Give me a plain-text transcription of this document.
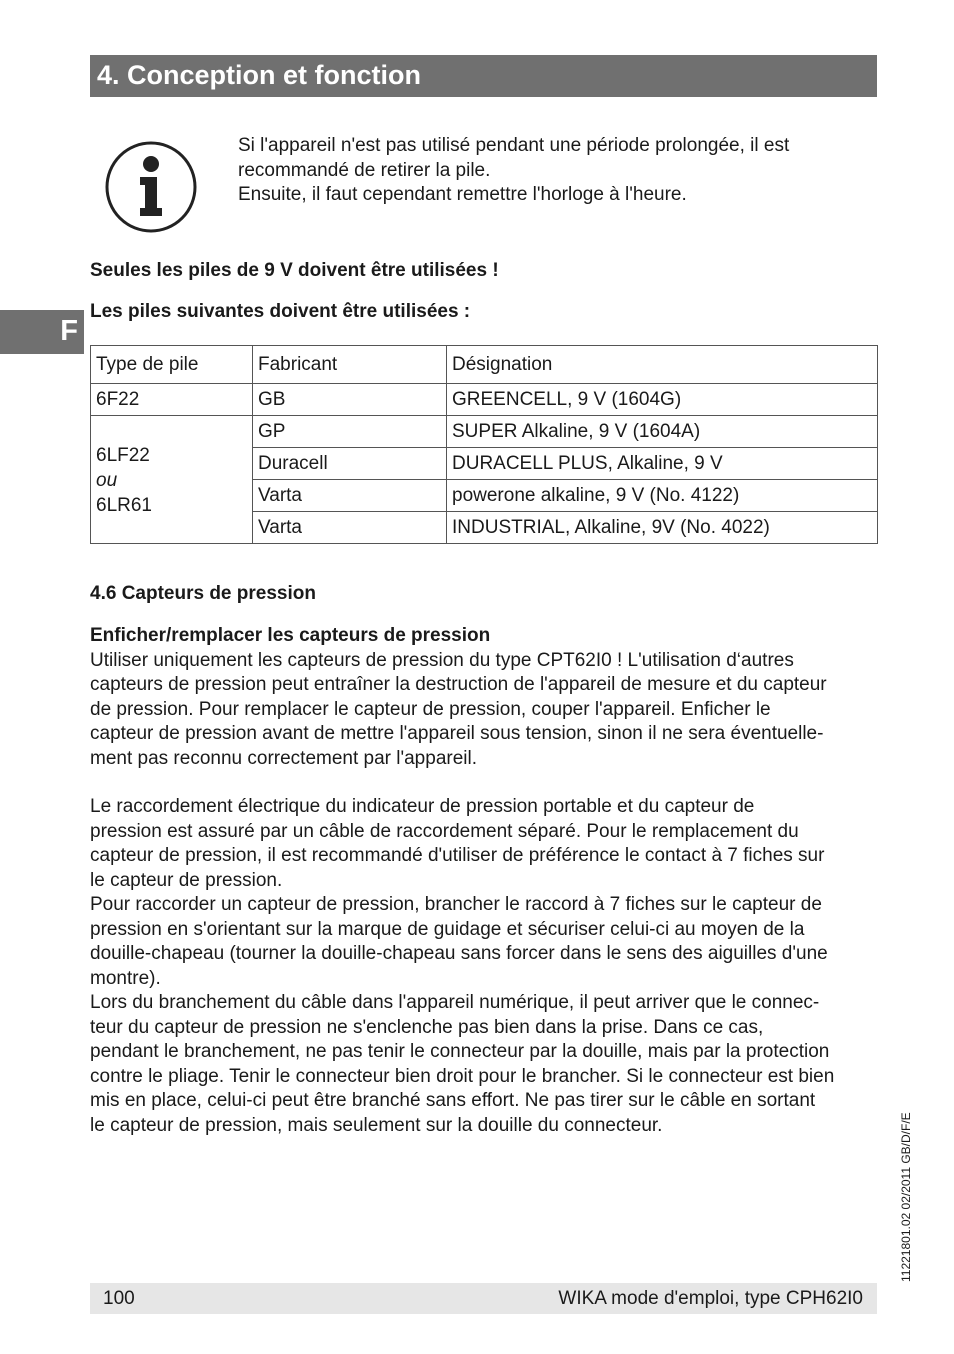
4. Conception et fonction
F
Si l'appareil n'est pas utilisé pendant une période prolongée, il est
recommandé de retirer la pile.
Ensuite, il faut cependant remettre l'horloge à l'heure.
Seules les piles de 9 V doivent être utilisées !
Les piles suivantes doivent être utilisées :
Type de pile	Fabricant	Désignation
6F22	GB	GREENCELL, 9 V (1604G)

6LF22
ou
6LR61	GP	SUPER Alkaline, 9 V (1604A)
	Duracell	DURACELL PLUS, Alkaline, 9 V
	Varta	powerone alkaline, 9 V (No. 4122)
	Varta	INDUSTRIAL, Alkaline, 9V (No. 4022)
4.6 Capteurs de pression
Enficher/remplacer les capteurs de pression
Utiliser uniquement les capteurs de pression du type CPT62I0 ! L'utilisation d‘autres
capteurs de pression peut entraîner la destruction de l'appareil de mesure et du capteur
de pression. Pour remplacer le capteur de pression, couper l'appareil. Enficher le
capteur de pression avant de mettre l'appareil sous tension, sinon il ne sera éventuelle-
ment pas reconnu correctement par l'appareil.
Le raccordement électrique du indicateur de pression portable et du capteur de
pression est assuré par un câble de raccordement séparé. Pour le remplacement du
capteur de pression, il est recommandé d'utiliser de préférence le contact à 7 fiches sur
le capteur de pression.
Pour raccorder un capteur de pression, brancher le raccord à 7 fiches sur le capteur de
pression en s'orientant sur la marque de guidage et sécuriser celui-ci au moyen de la
douille-chapeau (tourner la douille-chapeau sans forcer dans le sens des aiguilles d'une
montre).
Lors du branchement du câble dans l'appareil numérique, il peut arriver que le connec-
teur du capteur de pression ne s'enclenche pas bien dans la prise. Dans ce cas,
pendant le branchement, ne pas tenir le connecteur par la douille, mais par la protection
contre le pliage. Tenir le connecteur bien droit pour le brancher. Si le connecteur est bien
mis en place, celui-ci peut être branché sans effort. Ne pas tirer sur le câble en sortant
le capteur de pression, mais seulement sur la douille du connecteur.	11221801.02 02/2011 GB/D/F/E
100	WIKA mode d'emploi, type CPH62I0
